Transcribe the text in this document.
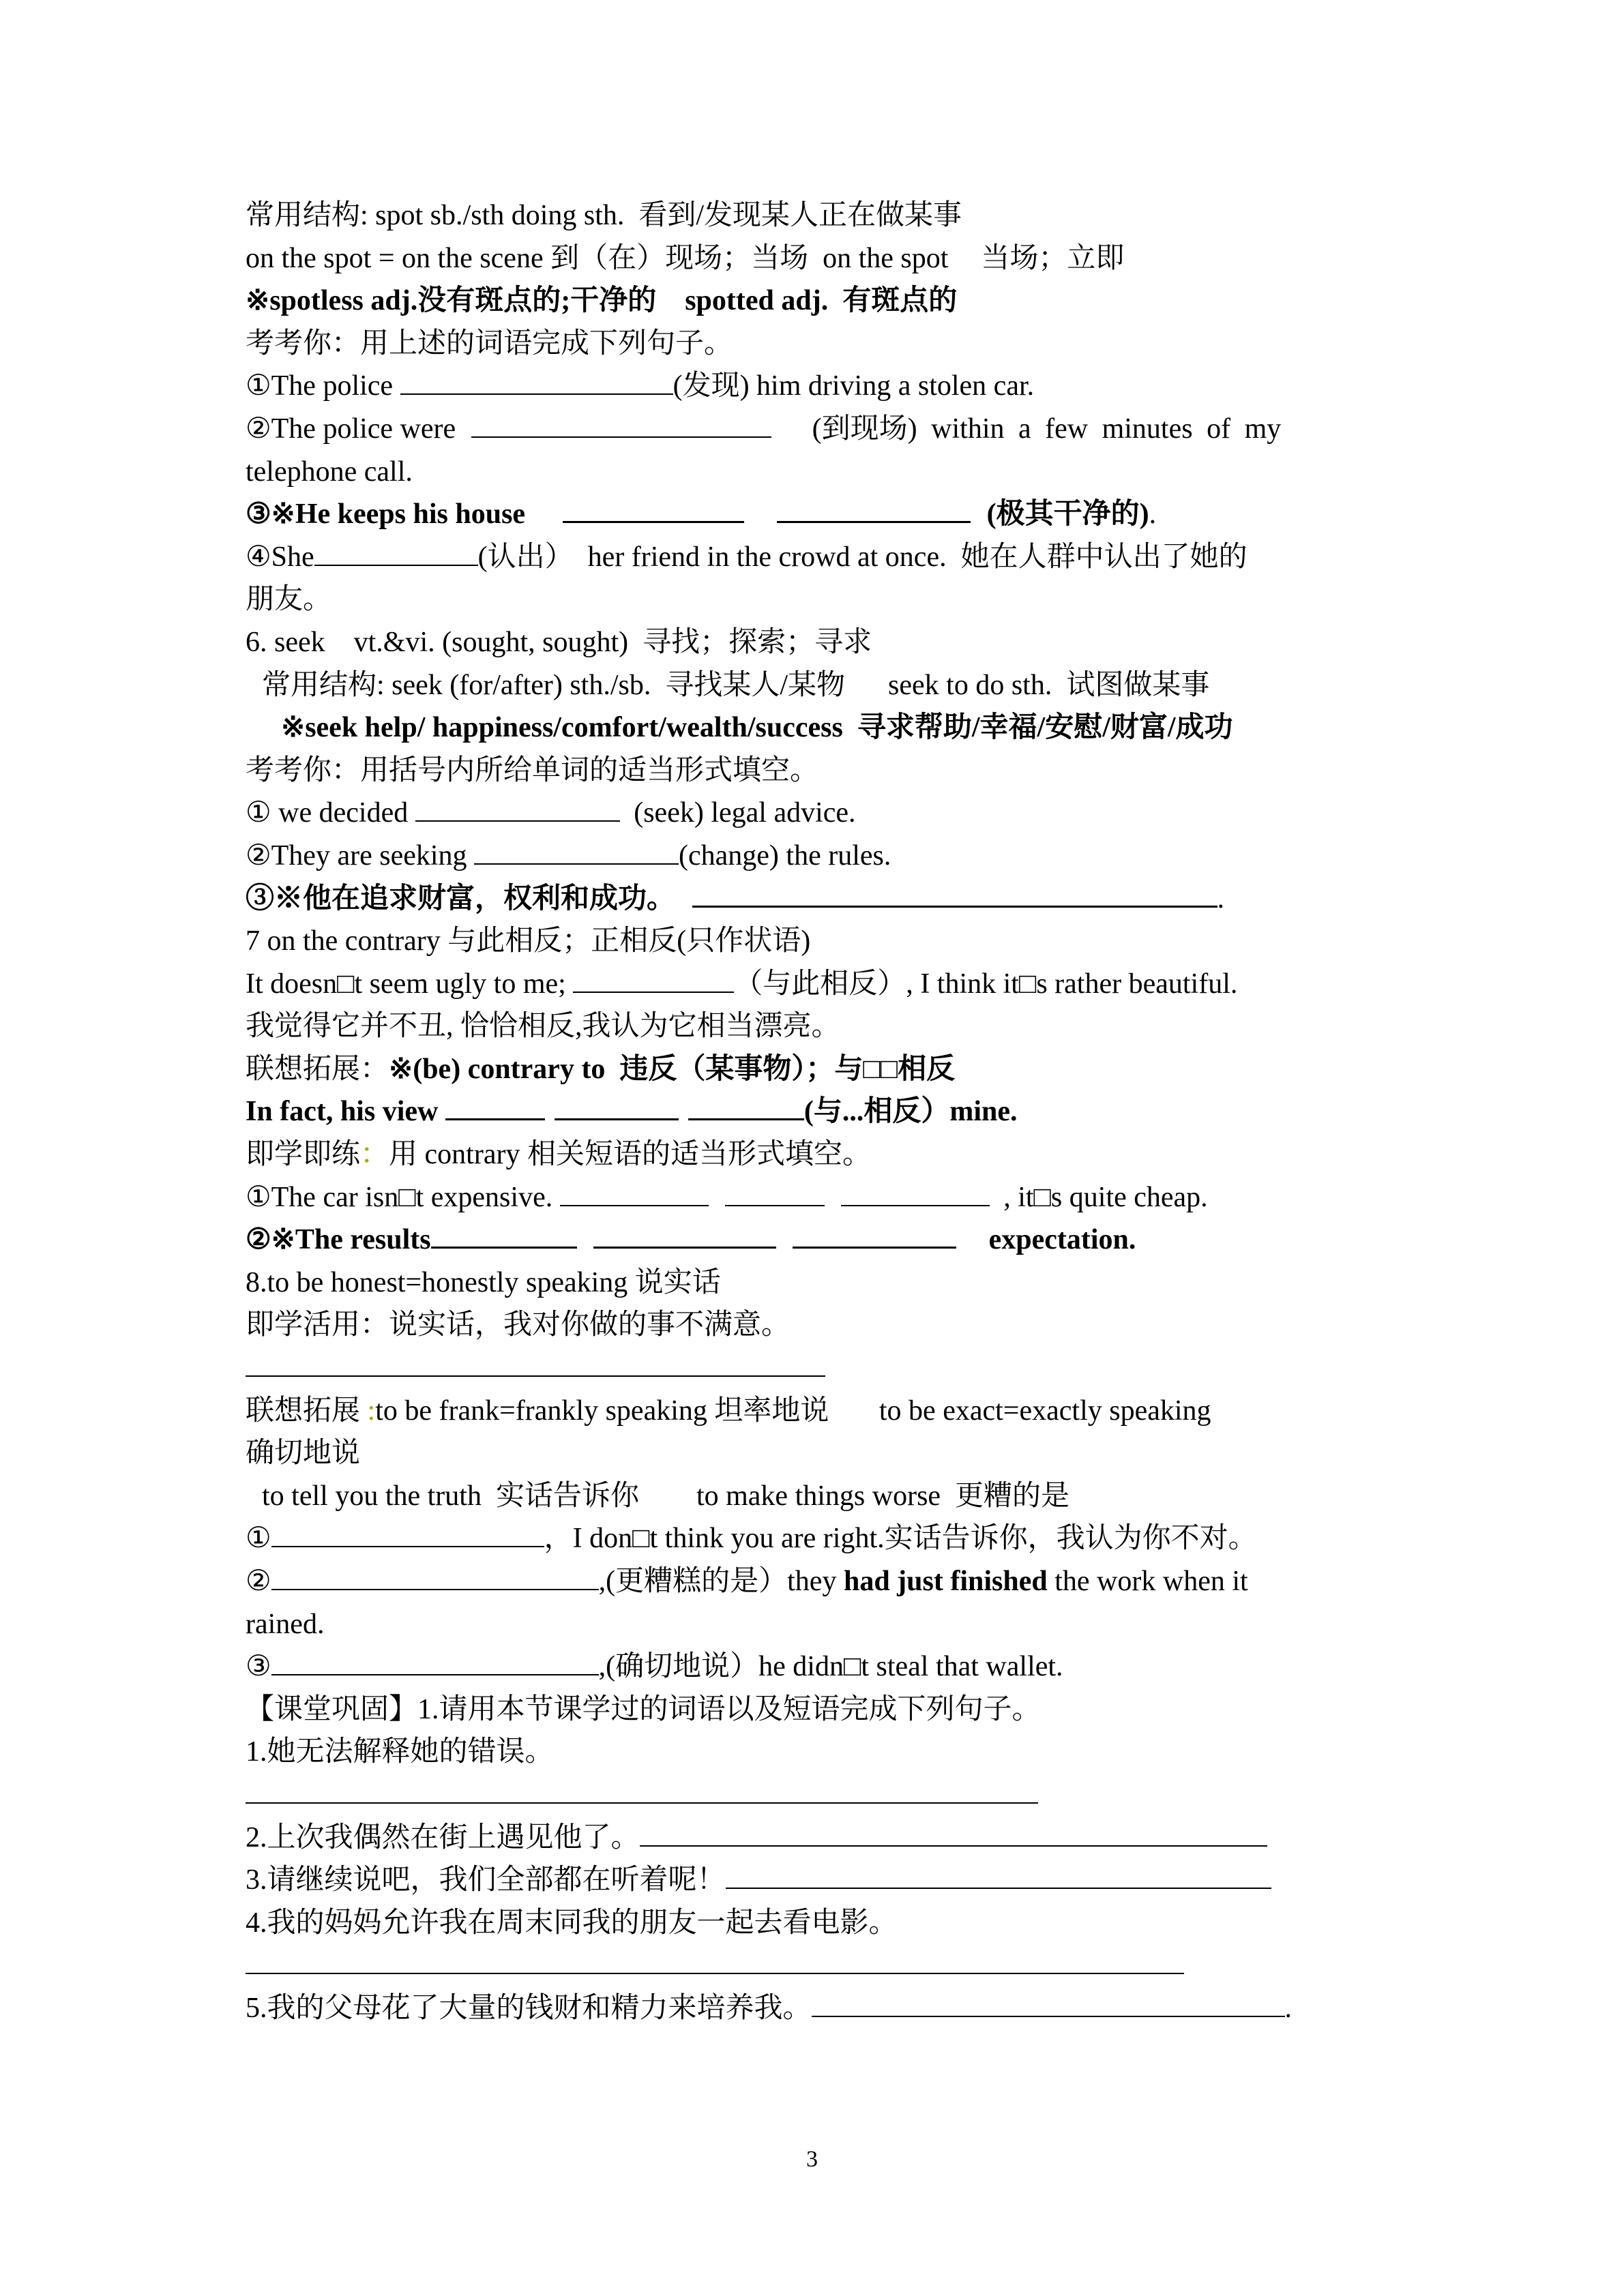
常用结构: spot sb./sth doing sth.  看到/发现某人正在做某事
on the spot = on the scene 到（在）现场；当场  on the spot 当场；立即
※spotless adj.没有斑点的;干净的    spotted adj.  有斑点的
考考你：用上述的词语完成下列句子。
①The police	(发现) him driving a stolen car.
②The police were	(到现场) within a few minutes of my
telephone call.
③※He keeps his house	(极其干净的).
④She	(认出）  her friend in the crowd at once.  她在人群中认出了她的
朋友。
6. seek    vt.&vi. (sought, sought)  寻找；探索；寻求
常用结构: seek (for/after) sth./sb.  寻找某人/某物      seek to do sth.  试图做某事
※seek help/ happiness/comfort/wealth/success  寻求帮助/幸福/安慰/财富/成功
考考你：用括号内所给单词的适当形式填空。
① we decided	(seek) legal advice.
②They are seeking	(change) the rules.
③※他在追求财富，权利和成功。	.
7 on the contrary 与此相反；正相反(只作状语)
It doesn□t seem ugly to me;	（与此相反）, I think it□s rather beautiful.
我觉得它并不丑, 恰恰相反,我认为它相当漂亮。
联想拓展：※(be) contrary to  违反（某事物）；与□□相反
In fact, his view	(与...相反）mine.
即学即练：用 contrary 相关短语的适当形式填空。
①The car isn□t expensive.	, it□s quite cheap.
②※The results	expectation.
8.to be honest=honestly speaking 说实话
即学活用：说实话，我对你做的事不满意。
联想拓展 :to be frank=frankly speaking 坦率地说       to be exact=exactly speaking
确切地说
to tell you the truth  实话告诉你        to make things worse  更糟的是
①	，I don□t think you are right.实话告诉你，我认为你不对。
②	,(更糟糕的是）they had just finished the work when it
rained.
③	,(确切地说）he didn□t steal that wallet.
【课堂巩固】1.请用本节课学过的词语以及短语完成下列句子。
1.她无法解释她的错误。
2.上次我偶然在街上遇见他了。
3.请继续说吧，我们全部都在听着呢！
4.我的妈妈允许我在周末同我的朋友一起去看电影。
5.我的父母花了大量的钱财和精力来培养我。	.
3
